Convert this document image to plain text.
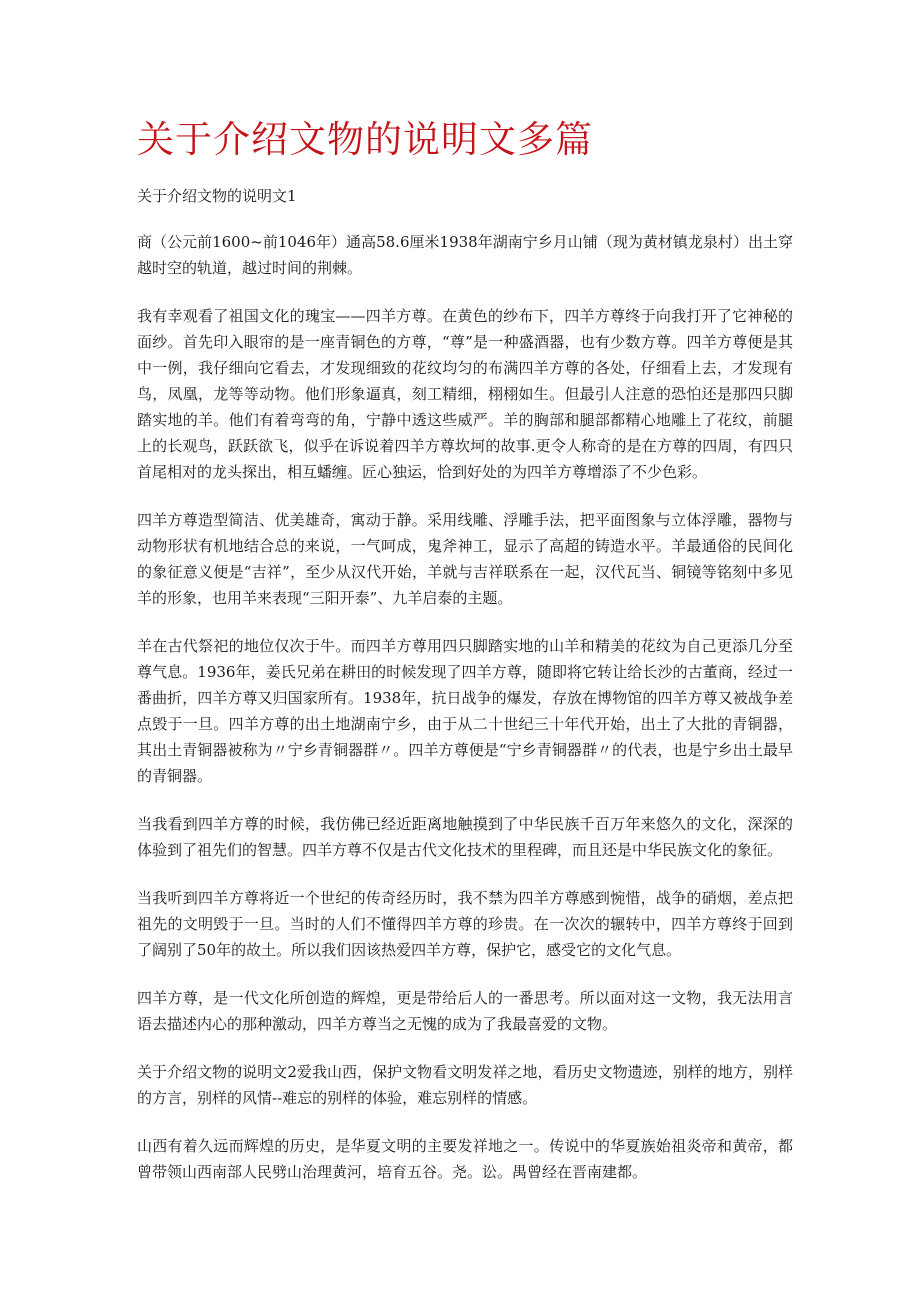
关于介绍文物的说明文多篇

关于介绍文物的说明文1

商（公元前1600~前1046年）通高58.6厘米1938年湖南宁乡月山铺（现为黄材镇龙泉村）出土穿越时空的轨道，越过时间的荆棘。

我有幸观看了祖国文化的瑰宝——四羊方尊。在黄色的纱布下，四羊方尊终于向我打开了它神秘的面纱。首先印入眼帘的是一座青铜色的方尊，“尊”是一种盛酒器，也有少数方尊。四羊方尊便是其中一例，我仔细向它看去，才发现细致的花纹均匀的布满四羊方尊的各处，仔细看上去，才发现有鸟，凤凰，龙等等动物。他们形象逼真，刻工精细，栩栩如生。但最引人注意的恐怕还是那四只脚踏实地的羊。他们有着弯弯的角，宁静中透这些威严。羊的胸部和腿部都精心地雕上了花纹，前腿上的长观鸟，跃跃欲飞，似乎在诉说着四羊方尊坎坷的故事.更令人称奇的是在方尊的四周，有四只首尾相对的龙头探出，相互蟠缠。匠心独运，恰到好处的为四羊方尊增添了不少色彩。

四羊方尊造型简洁、优美雄奇，寓动于静。采用线雕、浮雕手法，把平面图象与立体浮雕，器物与动物形状有机地结合总的来说，一气呵成，鬼斧神工，显示了高超的铸造水平。羊最通俗的民间化的象征意义便是“吉祥”，至少从汉代开始，羊就与吉祥联系在一起，汉代瓦当、铜镜等铭刻中多见羊的形象，也用羊来表现“三阳开泰”、九羊启泰的主题。

羊在古代祭祀的地位仅次于牛。而四羊方尊用四只脚踏实地的山羊和精美的花纹为自己更添几分至尊气息。1936年，姜氏兄弟在耕田的时候发现了四羊方尊，随即将它转让给长沙的古董商，经过一番曲折，四羊方尊又归国家所有。1938年，抗日战争的爆发，存放在博物馆的四羊方尊又被战争差点毁于一旦。四羊方尊的出土地湖南宁乡，由于从二十世纪三十年代开始，出土了大批的青铜器，其出土青铜器被称为〃宁乡青铜器群〃。四羊方尊便是“宁乡青铜器群〃的代表，也是宁乡出土最早的青铜器。

当我看到四羊方尊的时候，我仿佛已经近距离地触摸到了中华民族千百万年来悠久的文化，深深的体验到了祖先们的智慧。四羊方尊不仅是古代文化技术的里程碑，而且还是中华民族文化的象征。

当我听到四羊方尊将近一个世纪的传奇经历时，我不禁为四羊方尊感到惋惜，战争的硝烟，差点把祖先的文明毁于一旦。当时的人们不懂得四羊方尊的珍贵。在一次次的辗转中，四羊方尊终于回到了阔别了50年的故土。所以我们因该热爱四羊方尊，保护它，感受它的文化气息。

四羊方尊，是一代文化所创造的辉煌，更是带给后人的一番思考。所以面对这一文物，我无法用言语去描述内心的那种激动，四羊方尊当之无愧的成为了我最喜爱的文物。

关于介绍文物的说明文2爱我山西，保护文物看文明发祥之地，看历史文物遗迹，别样的地方，别样的方言，别样的风情--难忘的别样的体验，难忘别样的情感。

山西有着久远而辉煌的历史，是华夏文明的主要发祥地之一。传说中的华夏族始祖炎帝和黄帝，都曾带领山西南部人民劈山治理黄河，培育五谷。尧。讼。禺曾经在晋南建都。
